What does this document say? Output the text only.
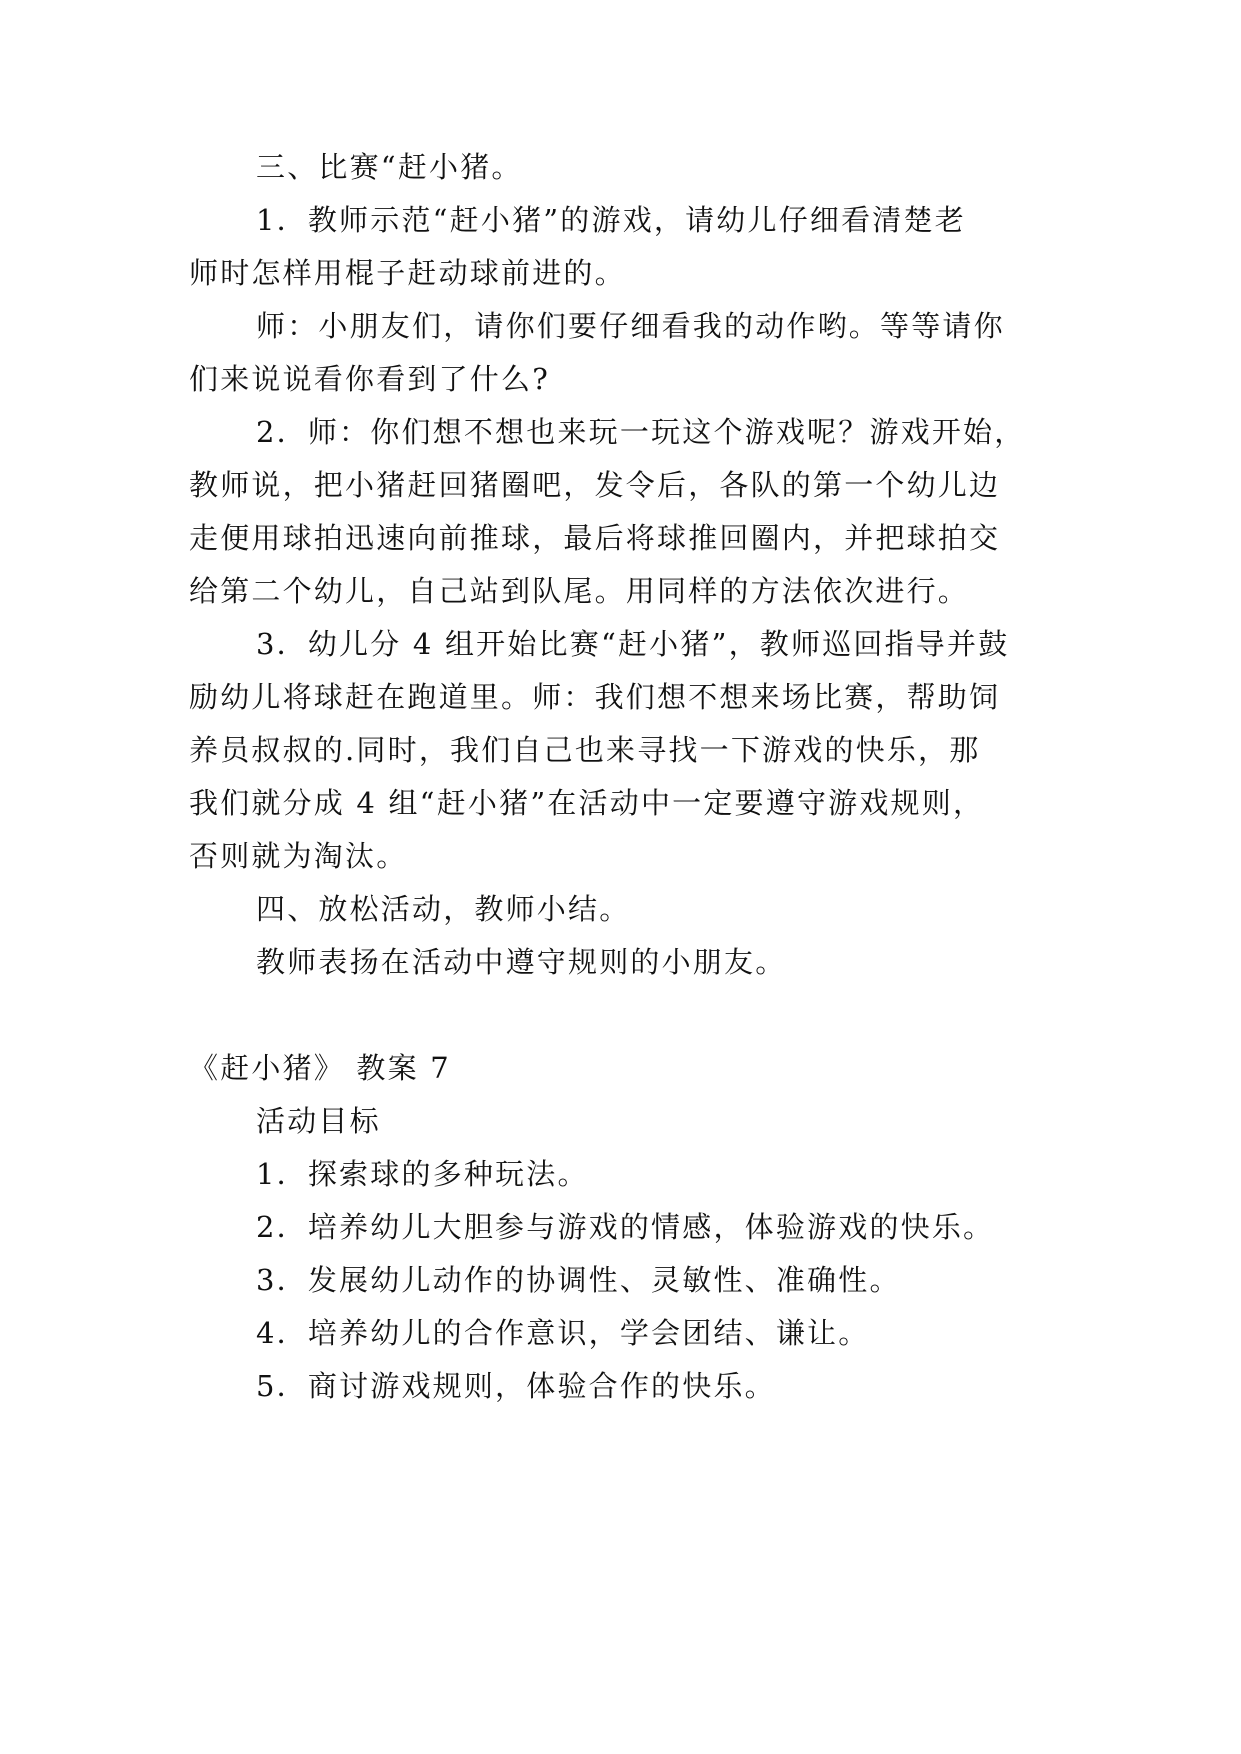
三、比赛“赶小猪。
1．教师示范“赶小猪”的游戏，请幼儿仔细看清楚老
师时怎样用棍子赶动球前进的。
师：小朋友们，请你们要仔细看我的动作哟。等等请你
们来说说看你看到了什么?
2．师：你们想不想也来玩一玩这个游戏呢？游戏开始，
教师说，把小猪赶回猪圈吧，发令后，各队的第一个幼儿边
走便用球拍迅速向前推球，最后将球推回圈内，并把球拍交
给第二个幼儿，自己站到队尾。用同样的方法依次进行。
3．幼儿分 4 组开始比赛“赶小猪”，教师巡回指导并鼓
励幼儿将球赶在跑道里。师：我们想不想来场比赛，帮助饲
养员叔叔的.同时，我们自己也来寻找一下游戏的快乐，那
我们就分成 4 组“赶小猪”在活动中一定要遵守游戏规则，
否则就为淘汰。
四、放松活动，教师小结。
教师表扬在活动中遵守规则的小朋友。
《赶小猪》 教案 7
活动目标
1．探索球的多种玩法。
2．培养幼儿大胆参与游戏的情感，体验游戏的快乐。
3．发展幼儿动作的协调性、灵敏性、准确性。
4．培养幼儿的合作意识，学会团结、谦让。
5．商讨游戏规则，体验合作的快乐。
